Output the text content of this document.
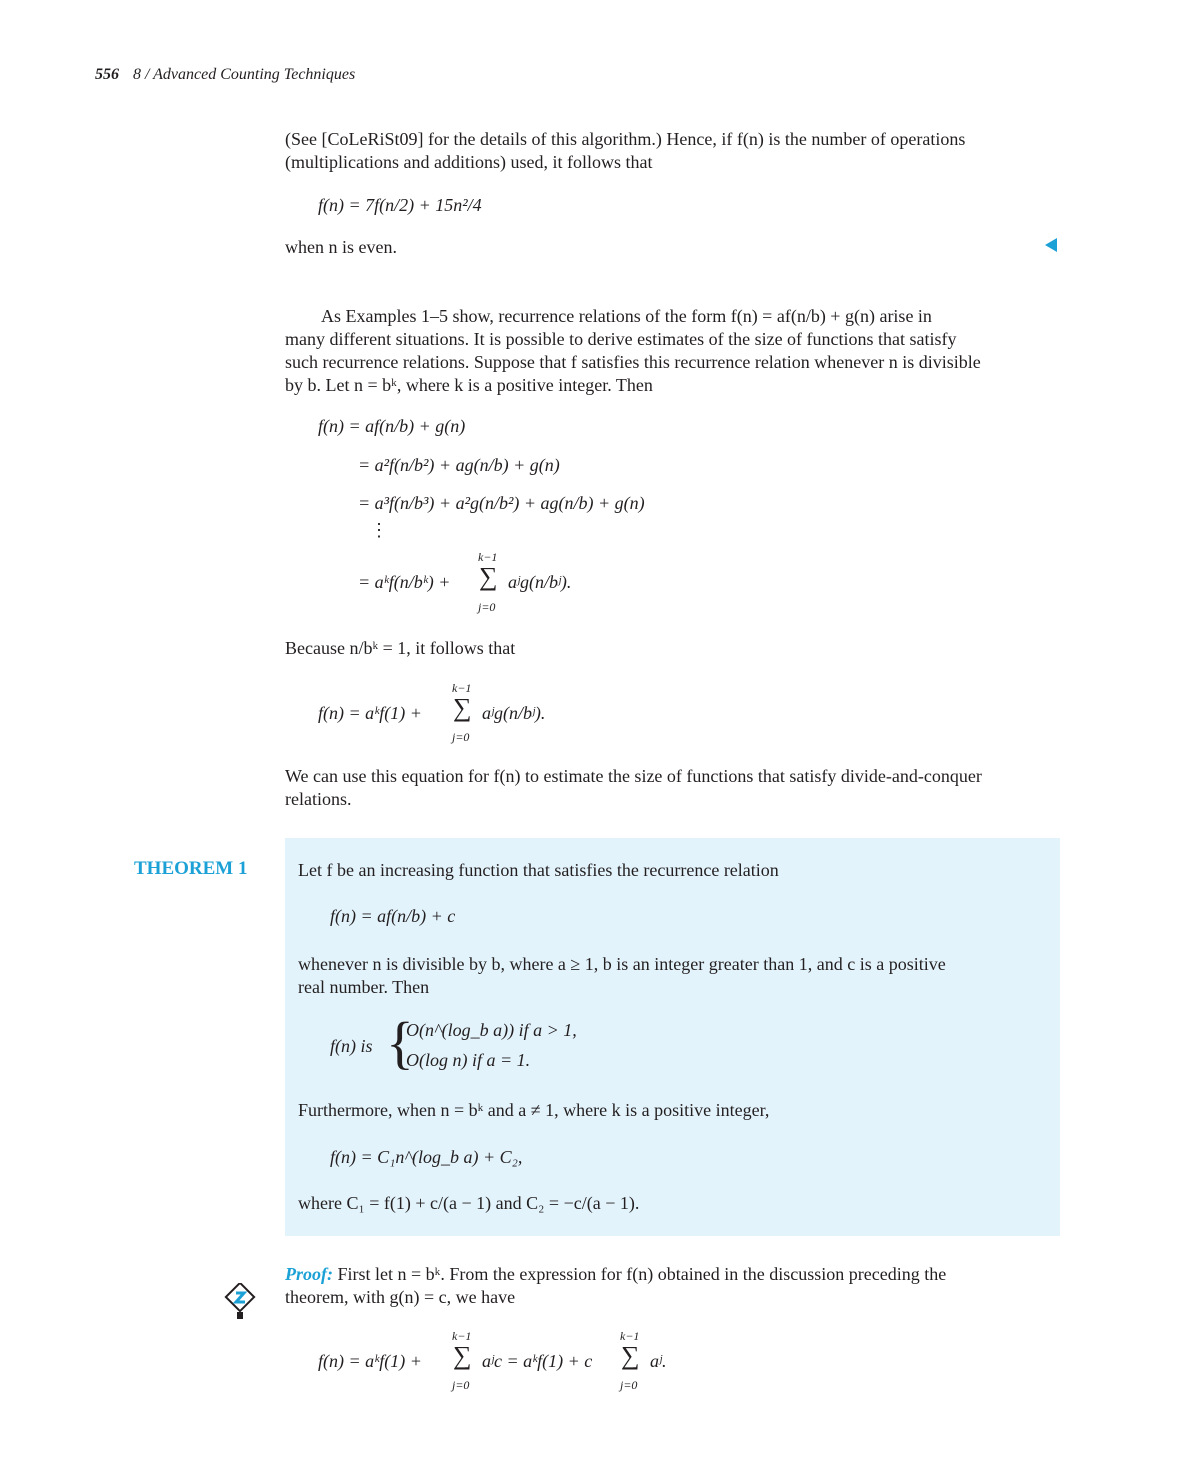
556 8 / Advanced Counting Techniques

(See [CoLeRiSt09] for the details of this algorithm.) Hence, if f(n) is the number of operations
(multiplications and additions) used, it follows that

f(n) = 7f(n/2) + 15n²/4

when n is even.

As Examples 1–5 show, recurrence relations of the form f(n) = af(n/b) + g(n) arise in
many different situations. It is possible to derive estimates of the size of functions that satisfy
such recurrence relations. Suppose that f satisfies this recurrence relation whenever n is divisible
by b. Let n = bᵏ, where k is a positive integer. Then

f(n) = af(n/b) + g(n)
= a²f(n/b²) + ag(n/b) + g(n)
= a³f(n/b³) + a²g(n/b²) + ag(n/b) + g(n)
⋮
= aᵏf(n/bᵏ) +
k−1
∑
j=0
aʲg(n/bʲ).

Because n/bᵏ = 1, it follows that

f(n) = aᵏf(1) +
k−1
∑
j=0
aʲg(n/bʲ).

We can use this equation for f(n) to estimate the size of functions that satisfy divide-and-conquer
relations.

THEOREM 1	Let f be an increasing function that satisfies the recurrence relation

f(n) = af(n/b) + c

whenever n is divisible by b, where a ≥ 1, b is an integer greater than 1, and c is a positive
real number. Then

f(n) is {
O(n^(log_b a)) if a > 1,
O(log n) if a = 1.

Furthermore, when n = bᵏ and a ≠ 1, where k is a positive integer,

f(n) = C₁n^(log_b a) + C₂,

where C₁ = f(1) + c/(a − 1) and C₂ = −c/(a − 1).

Proof: First let n = bᵏ. From the expression for f(n) obtained in the discussion preceding the
theorem, with g(n) = c, we have

f(n) = aᵏf(1) +
k−1
∑
j=0
aʲc = aᵏf(1) + c
k−1
∑
j=0
aʲ.
